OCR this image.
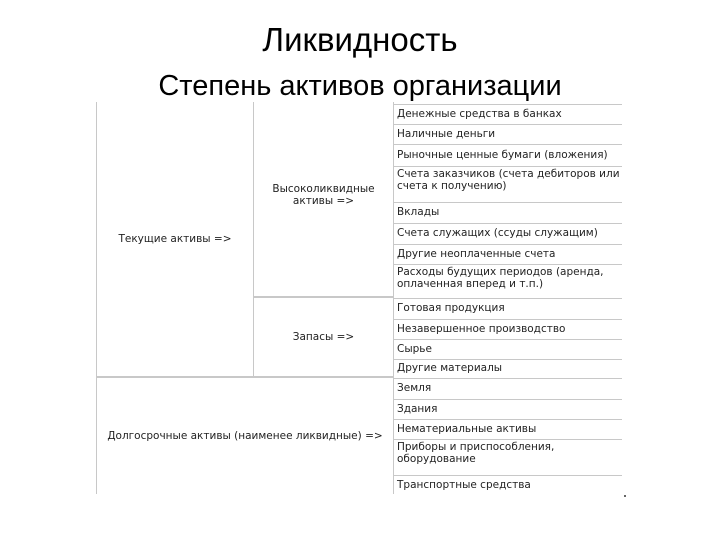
Ликвидность
Степень активов организации
Текущие активы =>
Высоколиквидные активы =>
Запасы =>
Долгосрочные активы (наименее ликвидные) =>
Денежные средства в банках
Наличные деньги
Рыночные ценные бумаги (вложения)
Счета заказчиков (счета дебиторов или счета к получению)
Вклады
Счета служащих (ссуды служащим)
Другие неоплаченные счета
Расходы будущих периодов (аренда, оплаченная вперед и т.п.)
Готовая продукция
Незавершенное производство
Сырье
Другие материалы
Земля
Здания
Нематериальные активы
Приборы и приспособления, оборудование
Транспортные средства
